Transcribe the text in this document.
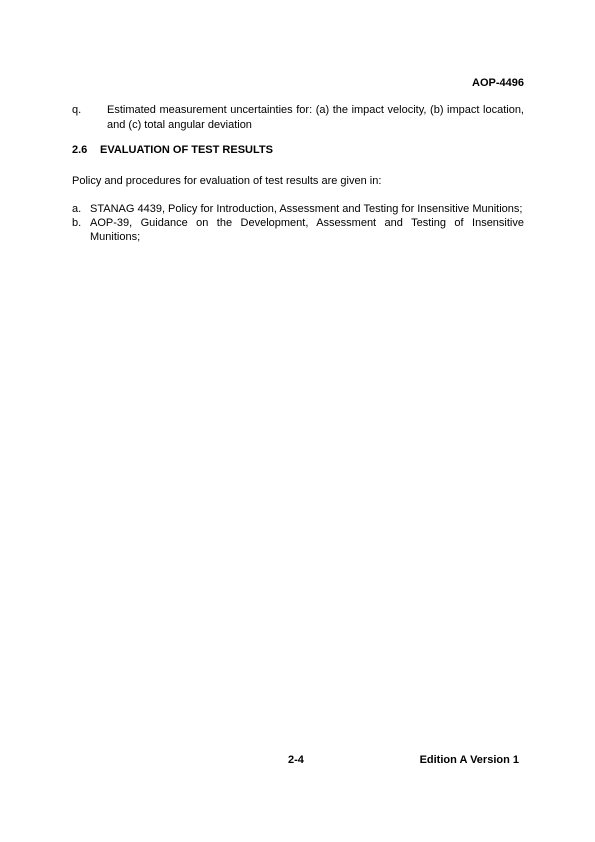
AOP-4496
q. Estimated measurement uncertainties for: (a) the impact velocity, (b) impact location, and (c) total angular deviation
2.6 EVALUATION OF TEST RESULTS
Policy and procedures for evaluation of test results are given in:
a. STANAG 4439, Policy for Introduction, Assessment and Testing for Insensitive Munitions;
b. AOP-39, Guidance on the Development, Assessment and Testing of Insensitive Munitions;
2-4	Edition A Version 1
